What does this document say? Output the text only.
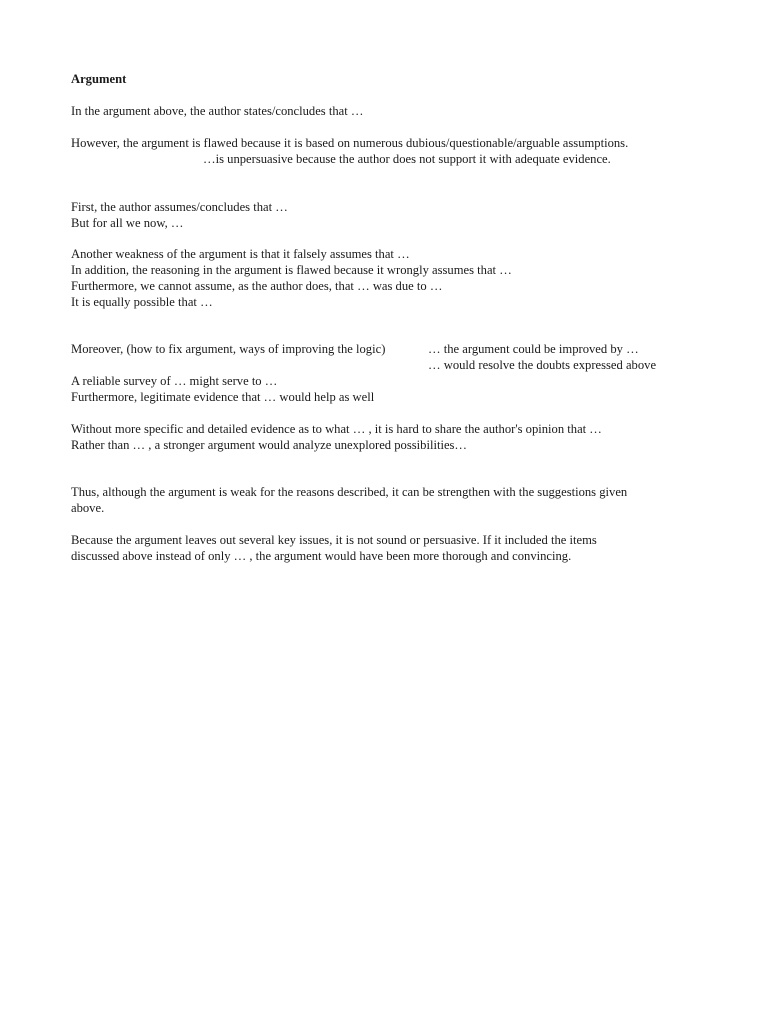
Argument
In the argument above, the author states/concludes that …
However, the argument is flawed because it is based on numerous dubious/questionable/arguable assumptions.
…is unpersuasive because the author does not support it with adequate evidence.
First, the author assumes/concludes that …
But for all we now, …
Another weakness of the argument is that it falsely assumes that …
In addition, the reasoning in the argument is flawed because it wrongly assumes that …
Furthermore, we cannot assume, as the author does, that … was due to …
It is equally possible that …
Moreover, (how to fix argument, ways of improving the logic)	… the argument could be improved by …
… would resolve the doubts expressed above
A reliable survey of … might serve to …
Furthermore, legitimate evidence that … would help as well
Without more specific and detailed evidence as to what … , it is hard to share the author's opinion that …
Rather than … , a stronger argument would analyze unexplored possibilities…
Thus, although the argument is weak for the reasons described, it can be strengthen with the suggestions given
above.
Because the argument leaves out several key issues, it is not sound or persuasive. If it included the items
discussed above instead of only … , the argument would have been more thorough and convincing.
